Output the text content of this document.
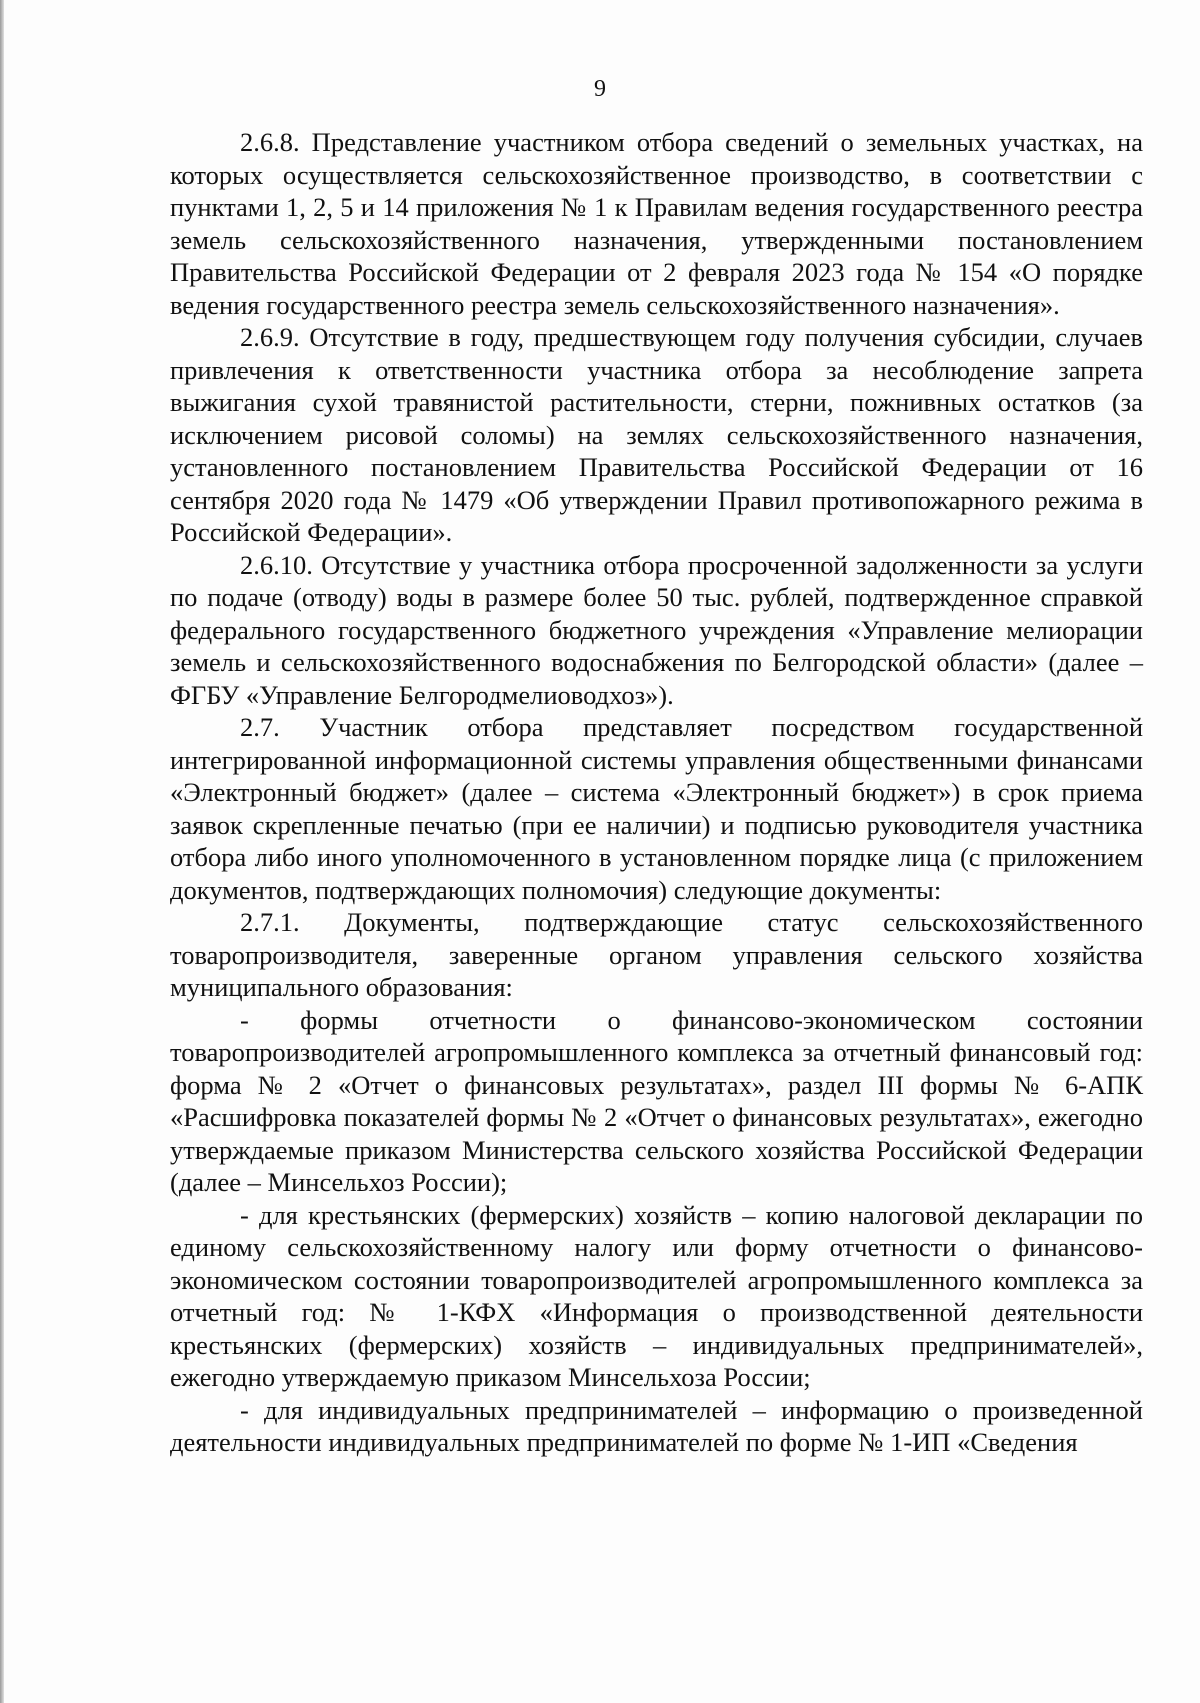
9

2.6.8. Представление участником отбора сведений о земельных участках, на которых осуществляется сельскохозяйственное производство, в соответствии с пунктами 1, 2, 5 и 14 приложения № 1 к Правилам ведения государственного реестра земель сельскохозяйственного назначения, утвержденными постановлением Правительства Российской Федерации от 2 февраля 2023 года № 154 «О порядке ведения государственного реестра земель сельскохозяйственного назначения».

2.6.9. Отсутствие в году, предшествующем году получения субсидии, случаев привлечения к ответственности участника отбора за несоблюдение запрета выжигания сухой травянистой растительности, стерни, пожнивных остатков (за исключением рисовой соломы) на землях сельскохозяйственного назначения, установленного постановлением Правительства Российской Федерации от 16 сентября 2020 года № 1479 «Об утверждении Правил противопожарного режима в Российской Федерации».

2.6.10. Отсутствие у участника отбора просроченной задолженности за услуги по подаче (отводу) воды в размере более 50 тыс. рублей, подтвержденное справкой федерального государственного бюджетного учреждения «Управление мелиорации земель и сельскохозяйственного водоснабжения по Белгородской области» (далее – ФГБУ «Управление Белгородмелиоводхоз»).

2.7. Участник отбора представляет посредством государственной интегрированной информационной системы управления общественными финансами «Электронный бюджет» (далее – система «Электронный бюджет») в срок приема заявок скрепленные печатью (при ее наличии) и подписью руководителя участника отбора либо иного уполномоченного в установленном порядке лица (с приложением документов, подтверждающих полномочия) следующие документы:

2.7.1. Документы, подтверждающие статус сельскохозяйственного товаропроизводителя, заверенные органом управления сельского хозяйства муниципального образования:

- формы отчетности о финансово-экономическом состоянии товаропроизводителей агропромышленного комплекса за отчетный финансовый год: форма № 2 «Отчет о финансовых результатах», раздел III формы № 6-АПК «Расшифровка показателей формы № 2 «Отчет о финансовых результатах», ежегодно утверждаемые приказом Министерства сельского хозяйства Российской Федерации (далее – Минсельхоз России);

- для крестьянских (фермерских) хозяйств – копию налоговой декларации по единому сельскохозяйственному налогу или форму отчетности о финансово-экономическом состоянии товаропроизводителей агропромышленного комплекса за отчетный год: № 1-КФХ «Информация о производственной деятельности крестьянских (фермерских) хозяйств – индивидуальных предпринимателей», ежегодно утверждаемую приказом Минсельхоза России;

- для индивидуальных предпринимателей – информацию о произведенной деятельности индивидуальных предпринимателей по форме № 1-ИП «Сведения
